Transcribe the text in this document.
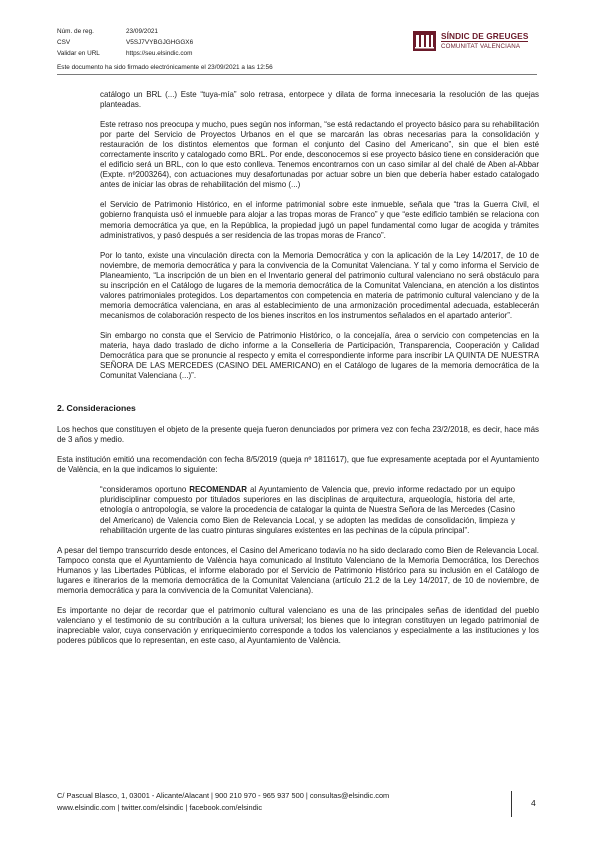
Núm. de reg.	23/09/2021
CSV	V5SJ7VYBGJGHGGX6
Validar en URL	https://seu.elsindic.com
Este documento ha sido firmado electrónicamente el 23/09/2021 a las 12:56
SÍNDIC DE GREUGES
COMUNITAT VALENCIANA

catálogo un BRL (...) Este “tuya-mía” solo retrasa, entorpece y dilata de forma innecesaria la resolución de las quejas planteadas.

Este retraso nos preocupa y mucho, pues según nos informan, “se está redactando el proyecto básico para su rehabilitación por parte del Servicio de Proyectos Urbanos en el que se marcarán las obras necesarias para la consolidación y restauración de los distintos elementos que forman el conjunto del Casino del Americano”, sin que el bien esté correctamente inscrito y catalogado como BRL. Por ende, desconocemos si ese proyecto básico tiene en consideración que el edificio será un BRL, con lo que esto conlleva. Tenemos encontrarnos con un caso similar al del chalé de Aben al-Abbar (Expte. nº2003264), con actuaciones muy desafortunadas por actuar sobre un bien que debería haber estado catalogado antes de iniciar las obras de rehabilitación del mismo (...)

el Servicio de Patrimonio Histórico, en el informe patrimonial sobre este inmueble, señala que “tras la Guerra Civil, el gobierno franquista usó el inmueble para alojar a las tropas moras de Franco” y que “este edificio también se relaciona con memoria democrática ya que, en la República, la propiedad jugó un papel fundamental como lugar de acogida y trámites administrativos, y pasó después a ser residencia de las tropas moras de Franco”.

Por lo tanto, existe una vinculación directa con la Memoria Democrática y con la aplicación de la Ley 14/2017, de 10 de noviembre, de memoria democrática y para la convivencia de la Comunitat Valenciana. Y tal y como informa el Servicio de Planeamiento, “La inscripción de un bien en el Inventario general del patrimonio cultural valenciano no será obstáculo para su inscripción en el Catálogo de lugares de la memoria democrática de la Comunitat Valenciana, en atención a los distintos valores patrimoniales protegidos. Los departamentos con competencia en materia de patrimonio cultural valenciano y de la memoria democrática valenciana, en aras al establecimiento de una armonización procedimental adecuada, establecerán mecanismos de colaboración respecto de los bienes inscritos en los instrumentos señalados en el apartado anterior”.

Sin embargo no consta que el Servicio de Patrimonio Histórico, o la concejalía, área o servicio con competencias en la materia, haya dado traslado de dicho informe a la Conselleria de Participación, Transparencia, Cooperación y Calidad Democrática para que se pronuncie al respecto y emita el correspondiente informe para inscribir LA QUINTA DE NUESTRA SEÑORA DE LAS MERCEDES (CASINO DEL AMERICANO) en el Catálogo de lugares de la memoria democrática de la Comunitat Valenciana (...)”.

2. Consideraciones

Los hechos que constituyen el objeto de la presente queja fueron denunciados por primera vez con fecha 23/2/2018, es decir, hace más de 3 años y medio.

Esta institución emitió una recomendación con fecha 8/5/2019 (queja nº 1811617), que fue expresamente aceptada por el Ayuntamiento de València, en la que indicamos lo siguiente:

“consideramos oportuno RECOMENDAR al Ayuntamiento de Valencia que, previo informe redactado por un equipo pluridisciplinar compuesto por titulados superiores en las disciplinas de arquitectura, arqueología, historia del arte, etnología o antropología, se valore la procedencia de catalogar la quinta de Nuestra Señora de las Mercedes (Casino del Americano) de Valencia como Bien de Relevancia Local, y se adopten las medidas de consolidación, limpieza y rehabilitación urgente de las cuatro pinturas singulares existentes en las pechinas de la cúpula principal”.

A pesar del tiempo transcurrido desde entonces, el Casino del Americano todavía no ha sido declarado como Bien de Relevancia Local. Tampoco consta que el Ayuntamiento de València haya comunicado al Instituto Valenciano de la Memoria Democrática, los Derechos Humanos y las Libertades Públicas, el informe elaborado por el Servicio de Patrimonio Histórico para su inclusión en el Catálogo de lugares e itinerarios de la memoria democrática de la Comunitat Valenciana (artículo 21.2 de la Ley 14/2017, de 10 de noviembre, de memoria democrática y para la convivencia de la Comunitat Valenciana).

Es importante no dejar de recordar que el patrimonio cultural valenciano es una de las principales señas de identidad del pueblo valenciano y el testimonio de su contribución a la cultura universal; los bienes que lo integran constituyen un legado patrimonial de inapreciable valor, cuya conservación y enriquecimiento corresponde a todos los valencianos y especialmente a las instituciones y los poderes públicos que lo representan, en este caso, al Ayuntamiento de València.

C/ Pascual Blasco, 1, 03001 - Alicante/Alacant | 900 210 970 - 965 937 500 | consultas@elsindic.com
www.elsindic.com | twitter.com/elsindic | facebook.com/elsindic	4
